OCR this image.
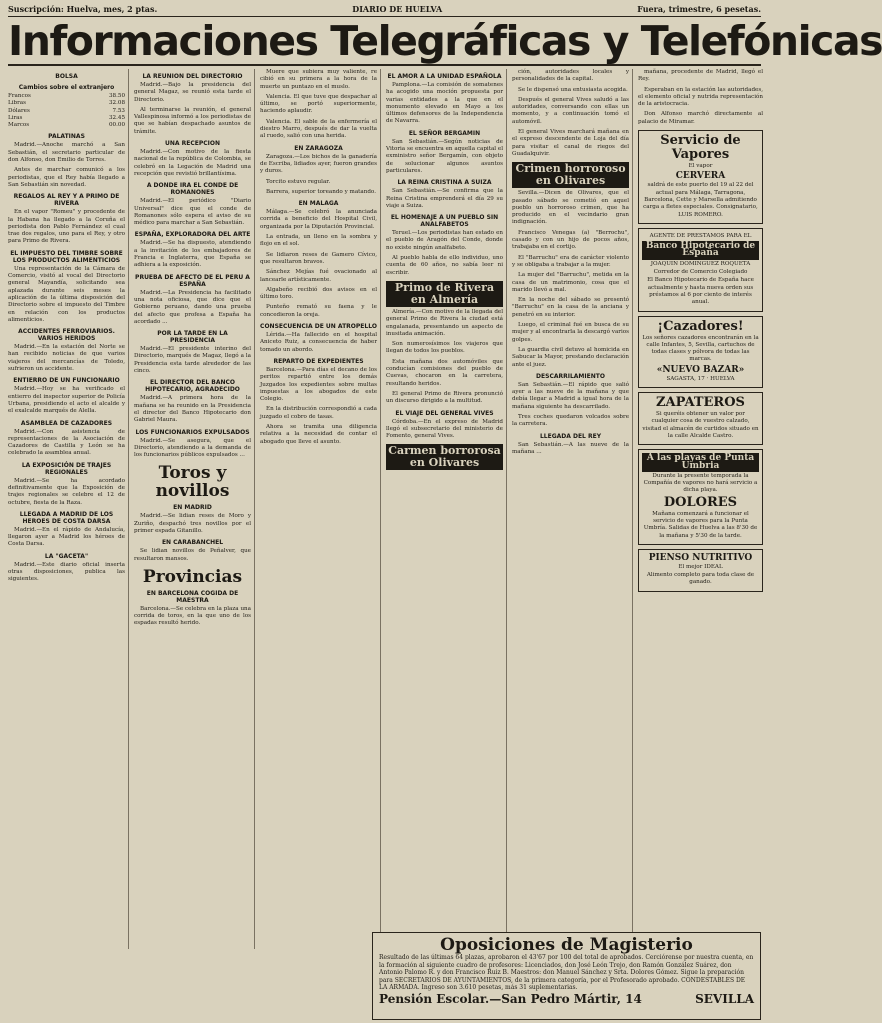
Suscripción: Huelva, mes, 2 ptas.	DIARIO DE HUELVA	Fuera, trimestre, 6 pesetas.
Informaciones Telegráficas y Telefónicas
BOLSA
Cambios sobre el extranjero
Francos	38.50
Libras	32.08
Dólares	7.53
Liras	32.45
Marcos	00.00
PALATINAS

Madrid.—Anoche marchó a San Sebastián, el secretario particular de don Alfonso, don Emilio de Torres.

Antes de marchar comunicó a los periodistas, que el Rey había llegado a San Sebastián sin novedad.

REGALOS AL REY Y A PRIMO DE RIVERA

En el vapor "Romeu" y procedente de la Habana ha llegado a la Coruña el periodista don Pablo Fernández el cual trae dos regalos, uno para el Rey, y otro para Primo de Rivera.

EL IMPUESTO DEL TIMBRE SOBRE LOS PRODUCTOS ALIMENTICIOS

Una representación de la Cámara de Comercio, visitó al vocal del Directorio general Mayandía, solicitando sea aplazada durante seis meses la aplicación de la última disposición del Directorio sobre el impuesto del Timbre en relación con los productos alimenticios.

ACCIDENTES FERROVIARIOS. VARIOS HERIDOS

Madrid.—En la estación del Norte se han recibido noticias de que varios viajeros del mercancías de Toledo, sufrieron un accidente.

ENTIERRO DE UN FUNCIONARIO

Madrid.—Hoy se ha verificado el entierro del inspector superior de Policía Urbana, presidiendo el acto el alcalde y el exalcalde marqués de Alella.

ASAMBLEA DE CAZADORES

Madrid.—Con asistencia de representaciones de la Asociación de Cazadores de Castilla y León se ha celebrado la asamblea anual.

LA EXPOSICIÓN DE TRAJES REGIONALES

Madrid.—Se ha acordado definitivamente que la Exposición de trajes regionales se celebre el 12 de octubre, fiesta de la Raza.

LLEGADA A MADRID DE LOS HEROES DE COSTA DARSA

Madrid.—En el rápido de Andalucía, llegaron ayer a Madrid los héroes de Costa Darsa.

LA "GACETA"

Madrid.—Este diario oficial inserta otras disposiciones, publica las siguientes.

LA REUNION DEL DIRECTORIO

Madrid.—Bajo la presidencia del general Magaz, se reunió esta tarde el Directorio.

Al terminarse la reunión, el general Vallespinosa informó a los periodistas de que se habían despachado asuntos de trámite.

UNA RECEPCION

Madrid.—Con motivo de la fiesta nacional de la república de Colombia, se celebró en la Legación de Madrid una recepción que revistió brillantísima.

A DONDE IRA EL CONDE DE ROMANONES

Madrid.—El periódico "Diario Universal" dice que el conde de Romanones sólo espera el aviso de su médico para marchar a San Sebastián.

ESPAÑA, EXPLORADORA DEL ARTE

Madrid.—Se ha dispuesto, atendiendo a la invitación de los embajadores de Francia e Inglaterra, que España se adhiera a la exposición.

PRUEBA DE AFECTO DE EL PERU A ESPAÑA

Madrid.—La Presidencia ha facilitado una nota oficiosa, que dice que el Gobierno peruano, dando una prueba del afecto que profesa a España ha acordado ...

POR LA TARDE EN LA PRESIDENCIA

Madrid.—El presidente interino del Directorio, marqués de Magaz, llegó a la Presidencia esta tarde alrededor de las cinco.

EL DIRECTOR DEL BANCO HIPOTECARIO, AGRADECIDO

Madrid.—A primera hora de la mañana se ha reunido en la Presidencia el director del Banco Hipotecario don Gabriel Maura.

LOS FUNCIONARIOS EXPULSADOS

Madrid.—Se asegura, que el Directorio, atendiendo a la demanda de los funcionarios públicos expulsados ...

Toros y novillos
EN MADRID

Madrid.—Se lidian reses de Moro y Zuriño, despachó tres novillos por el primer espada Gitanillo.

EN CARABANCHEL

Se lidian novillos de Peñalver, que resultaron mansos.

Provincias
EN BARCELONA COGIDA DE MAESTRA

Barcelona.—Se celebra en la plaza una corrida de toros, en la que uno de los espadas resultó herido.

Muere que subiera muy valiente, re cibió en su primera a la hora de la muerte un puntazo en el muslo.

Valencia. El que tuve que despachar al último, se portó superiormente, haciendo aplaudir.

Valencia. El sable de la enfermería el diestro Marro, después de dar la vuelta al ruedo, salió con una herida.

EN ZARAGOZA

Zaragoza.—Los bichos de la ganadería de Escriba, lidiados ayer, fueron grandes y duros.

Torcito estuvo regular.

Barrera, superior toreando y matando.

EN MALAGA

Málaga.—Se celebró la anunciada corrida a beneficio del Hospital Civil, organizada por la Diputación Provincial.

La entrada, un lleno en la sombra y flojo en el sol.

Se lidiaron reses de Gamero Cívico, que resultaron bravos.

Sánchez Mejías fué ovacionado al lancearle artísticamente.

Algabeño recibió dos avisos en el último toro.

Punteño remató su faena y le concedieron la oreja.

CONSECUENCIA DE UN ATROPELLO

Lérida.—Ha fallecido en el hospital Aniceto Ruiz, a consecuencia de haber tomado un abordo.

REPARTO DE EXPEDIENTES

Barcelona.—Para días el decano de los peritos repartió entre los demás Juzgados los expedientes sobre multas impuestas a los abogados de este Colegio.

En la distribución correspondió a cada juzgado el cobro de tasas.

Ahora se tramita una diligencia relativa a la necesidad de contar el abogado que lleve el asunto.

EL AMOR A LA UNIDAD ESPAÑOLA

Pamplona.—La comisión de somatenes ha acogido una moción propuesta por varias entidades a la que en el monumento elevado en Mayo a los últimos defensores de la Independencia de Navarra.

EL SEÑOR BERGAMIN

San Sebastián.—Según noticias de Vitoria se encuentra en aquella capital el exministro señor Bergamín, con objeto de solucionar algunos asuntos particulares.

LA REINA CRISTINA A SUIZA

San Sebastián.—Se confirma que la Reina Cristina emprenderá el día 29 su viaje a Suiza.

EL HOMENAJE A UN PUEBLO SIN ANALFABETOS

Teruel.—Los periodistas han estado en el pueblo de Aragón del Conde, donde no existe ningún analfabeto.

Al pueblo habla de ello individuo, uno cuenta de 60 años, no sabía leer ni escribir.

Primo de Rivera en Almería

Almería.—Con motivo de la llegada del general Primo de Rivera la ciudad está engalanada, presentando un aspecto de inusitada animación.

Son numerosísimos los viajeros que llegan de todos los pueblos.

Esta mañana dos automóviles que conducían comisiones del pueblo de Cuevas, chocaron en la carretera, resultando heridos.

El general Primo de Rivera pronunció un discurso dirigido a la multitud.

EL VIAJE DEL GENERAL VIVES

Córdoba.—En el expreso de Madrid llegó el subsecretario del ministerio de Fomento, general Vives.

Carmen borrorosa en Olivares

ción, autoridades locales y personalidades de la capital.

Se le dispensó una entusiasta acogida.

Después el general Vives saludó a las autoridades, conversando con ellas un momento, y a continuación tomó el automóvil.

El general Vives marchará mañana en el expreso descendente de Loja del día para visitar el canal de riegos del Guadalquivir.

Crimen horroroso en Olivares

Sevilla.—Dicen de Olivares, que el pasado sábado se cometió en aquel pueblo un horroroso crimen, que ha producido en el vecindario gran indignación.

Francisco Venegas (a) "Berrochu", casado y con un hijo de pocos años, trabajaba en el cortijo.

El "Barruchu" era de carácter violento y se obligaba a trabajar a la mujer.

La mujer del "Barruchu", metida en la casa de un matrimonio, cosa que el marido llevó a mal.

En la noche del sábado se presentó "Barruchu" en la casa de la anciana y penetró en su interior.

Luego, el criminal fué en busca de su mujer y al encontrarla la descargó varios golpes.

La guardia civil detuvo al homicida en Sabucar la Mayor, prestando declaración ante el juez.

DESCARRILAMIENTO

San Sebastián.—El rápido que salió ayer a las nueve de la mañana y que debía llegar a Madrid a igual hora de la mañana siguiente ha descarrilado.

Tres coches quedaron volcados sobre la carretera.

LLEGADA DEL REY

San Sebastián.—A las nueve de la mañana ...

mañana, procedente de Madrid, llegó el Rey.

Esperaban en la estación las autoridades, el elemento oficial y nutrida representación de la aristocracia.

Don Alfonso marchó directamente al palacio de Miramar.

Servicio de Vapores

El vapor

CERVERA

saldrá de este puerto del 19 al 22 del actual para Málaga, Tarragona, Barcelona, Cette y Marsella admitiendo carga a fletes especiales. Consignatario, LUIS ROMERO.

AGENTE DE PRESTAMOS PARA EL

Banco Hipotecario de España

JOAQUIN DOMINGUEZ ROQUETA

Corredor de Comercio Colegiado

El Banco Hipotecario de España hace actualmente y hasta nueva orden sus préstamos al 6 por ciento de interés anual.

¡Cazadores!

Los señores cazadores encontrarán en la calle Infantes, 5, Sevilla, cartuchos de todas clases y pólvora de todas las marcas.

«NUEVO BAZAR»

SAGASTA, 17 · HUELVA

ZAPATEROS

Si queréis obtener un valor por cualquier cosa de vuestro calzado, visitad el almacén de curtidos situado en la calle Alcalde Castro.

A las playas de Punta Umbria

Durante la presente temporada la Compañía de vapores no hará servicio a dicha playa.

DOLORES

Mañana comenzará a funcionar el servicio de vapores para la Punta Umbría. Salidas de Huelva a las 8'30 de la mañana y 5'30 de la tarde.

PIENSO NUTRITIVO

El mejor IDEAL

Alimento completo para toda clase de ganado.

Oposiciones de Magisterio
Resultado de las últimas 64 plazas, aprobaron el 43'67 por 100 del total de aprobados. Cerciórense por nuestra cuenta, en la formación al siguiente cuadro de profesores: Licenciados, don José León Trejo, don Ramón González Suárez, don Antonio Palomo R. y don Francisco Ruiz B. Maestros: don Manuel Sánchez y Srta. Dolores Gómez. Sigue la preparación para SECRETARIOS DE AYUNTAMIENTOS, de la primera categoría, por el Profesorado aprobado. CONDESTABLES DE LA ARMADA. Ingreso son 3.610 pesetas, más 31 suplementarias.
Pensión Escolar.—San Pedro Mártir, 14	SEVILLA
